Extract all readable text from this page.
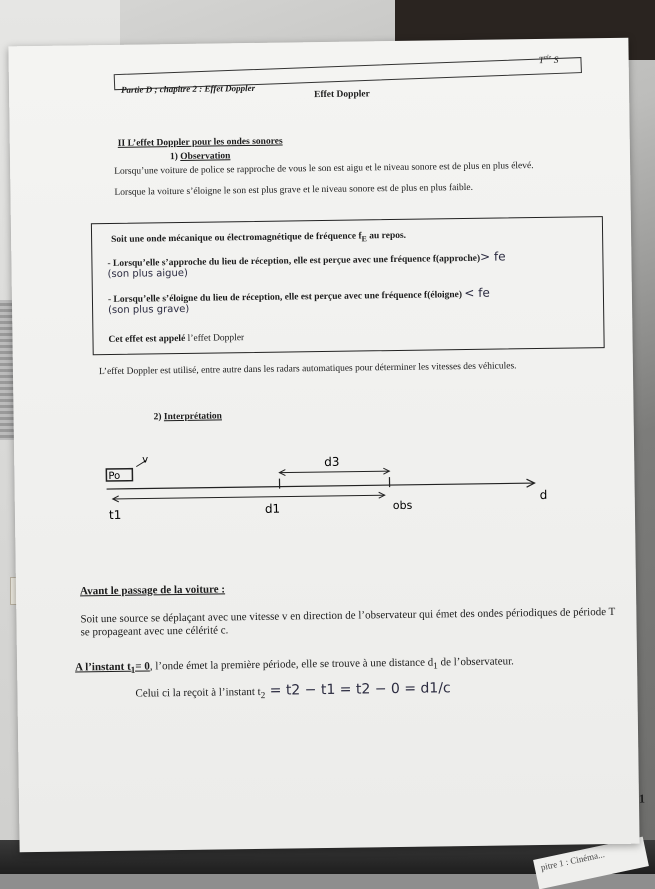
pitre 1 : Cinéma...
$T^{ale}$ S
Partie D ; chapitre 2 : Effet Doppler	Effet Doppler
II L’effet Doppler pour les ondes sonores
1) Observation
Lorsqu’une voiture de police se rapproche de vous le son est aigu et le niveau sonore est de plus en plus élevé.
Lorsque la voiture s’éloigne le son est plus grave et le niveau sonore est de plus en plus faible.
Soit une onde mécanique ou électromagnétique de fréquence $f_E$ au repos.
- Lorsqu’elle s’approche du lieu de réception, elle est perçue avec une fréquence f(approche)> fe
(son plus aigue)
- Lorsqu’elle s’éloigne du lieu de réception, elle est perçue avec une fréquence f(éloigne) < fe
(son plus grave)
Cet effet est appelé l’effet Doppler
L’effet Doppler est utilisé, entre autre dans les radars automatiques pour déterminer les vitesses des véhicules.
2) Interprétation
Po
v	d3
d1
t1
obs
d
Avant le passage de la voiture :
Soit une source se déplaçant avec une vitesse v en direction de l’observateur qui émet des ondes périodiques de période T se propageant avec une célérité c.
A l’instant $t_1= 0$, l’onde émet la première période, elle se trouve à une distance $d_1$ de l’observateur.
Celui ci la reçoit à l’instant $t_2 = t2 - t1 = t2 - 0 = d1/c$
1
